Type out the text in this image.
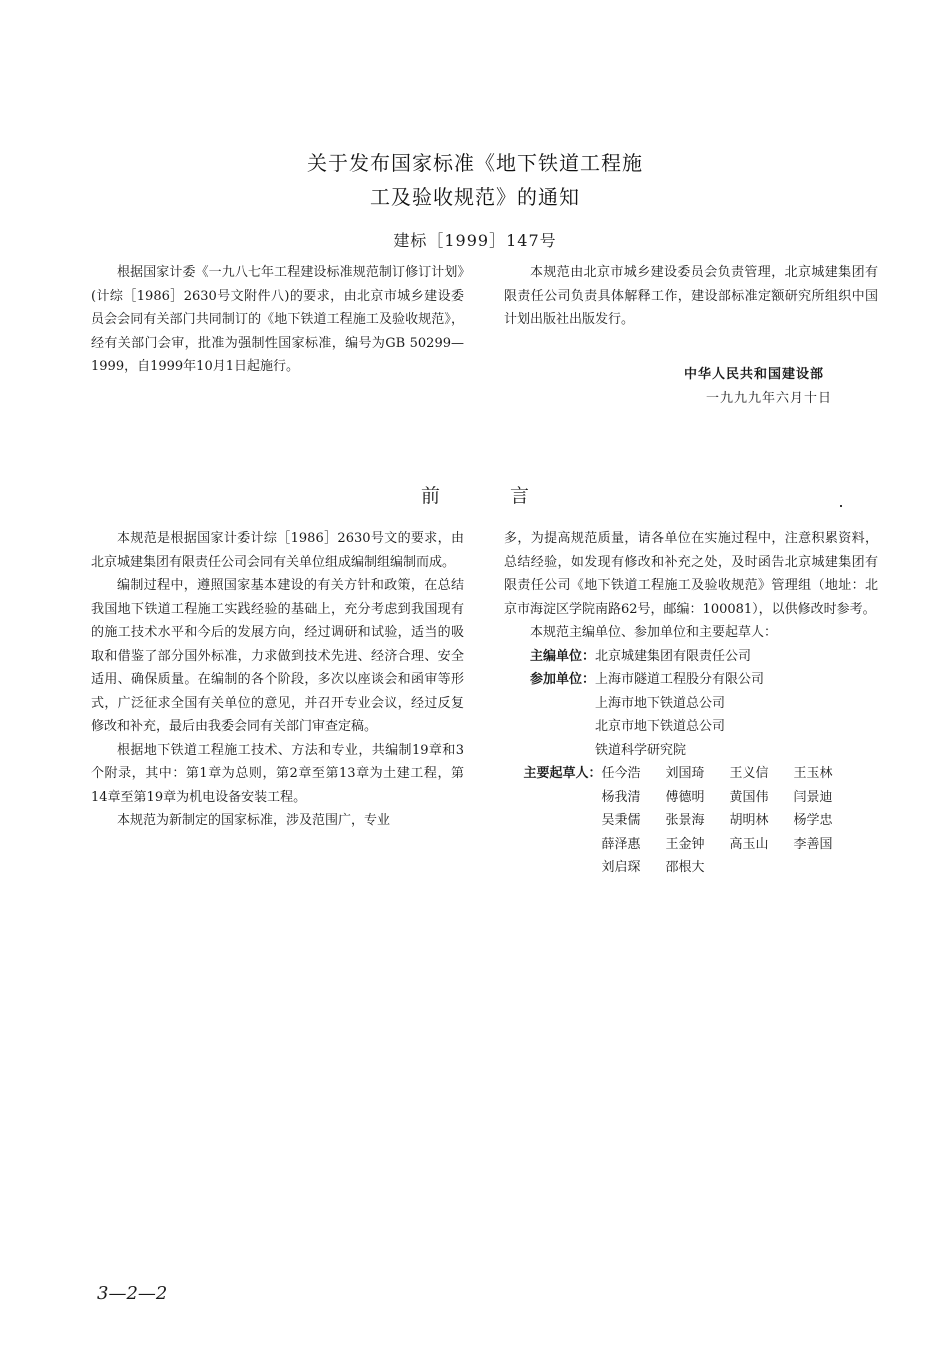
关于发布国家标准《地下铁道工程施
工及验收规范》的通知
建标［1999］147号

根据国家计委《一九八七年工程建设标准规范制订修订计划》(计综［1986］2630号文附件八)的要求，由北京市城乡建设委员会会同有关部门共同制订的《地下铁道工程施工及验收规范》，经有关部门会审，批准为强制性国家标准，编号为GB 50299—1999，自1999年10月1日起施行。

本规范由北京市城乡建设委员会负责管理，北京城建集团有限责任公司负责具体解释工作，建设部标准定额研究所组织中国计划出版社出版发行。

中华人民共和国建设部
一九九九年六月十日
前	言

本规范是根据国家计委计综［1986］2630号文的要求，由北京城建集团有限责任公司会同有关单位组成编制组编制而成。

编制过程中，遵照国家基本建设的有关方针和政策，在总结我国地下铁道工程施工实践经验的基础上，充分考虑到我国现有的施工技术水平和今后的发展方向，经过调研和试验，适当的吸取和借鉴了部分国外标准，力求做到技术先进、经济合理、安全适用、确保质量。在编制的各个阶段，多次以座谈会和函审等形式，广泛征求全国有关单位的意见，并召开专业会议，经过反复修改和补充，最后由我委会同有关部门审查定稿。

根据地下铁道工程施工技术、方法和专业，共编制19章和3个附录，其中：第1章为总则，第2章至第13章为土建工程，第14章至第19章为机电设备安装工程。

本规范为新制定的国家标准，涉及范围广，专业

多，为提高规范质量，请各单位在实施过程中，注意积累资料，总结经验，如发现有修改和补充之处，及时函告北京城建集团有限责任公司《地下铁道工程施工及验收规范》管理组（地址：北京市海淀区学院南路62号，邮编：100081），以供修改时参考。

本规范主编单位、参加单位和主要起草人：

主编单位： 北京城建集团有限责任公司
参加单位： 上海市隧道工程股分有限公司
上海市地下铁道总公司
北京市地下铁道总公司
铁道科学研究院
主要起草人： 任今浩	刘国琦	王义信	王玉林
杨我清	傅德明	黄国伟	闫景迪
吴秉儒	张景海	胡明林	杨学忠
薛泽惠	王金钟	高玉山	李善国
刘启琛	邵根大
3—2—2
